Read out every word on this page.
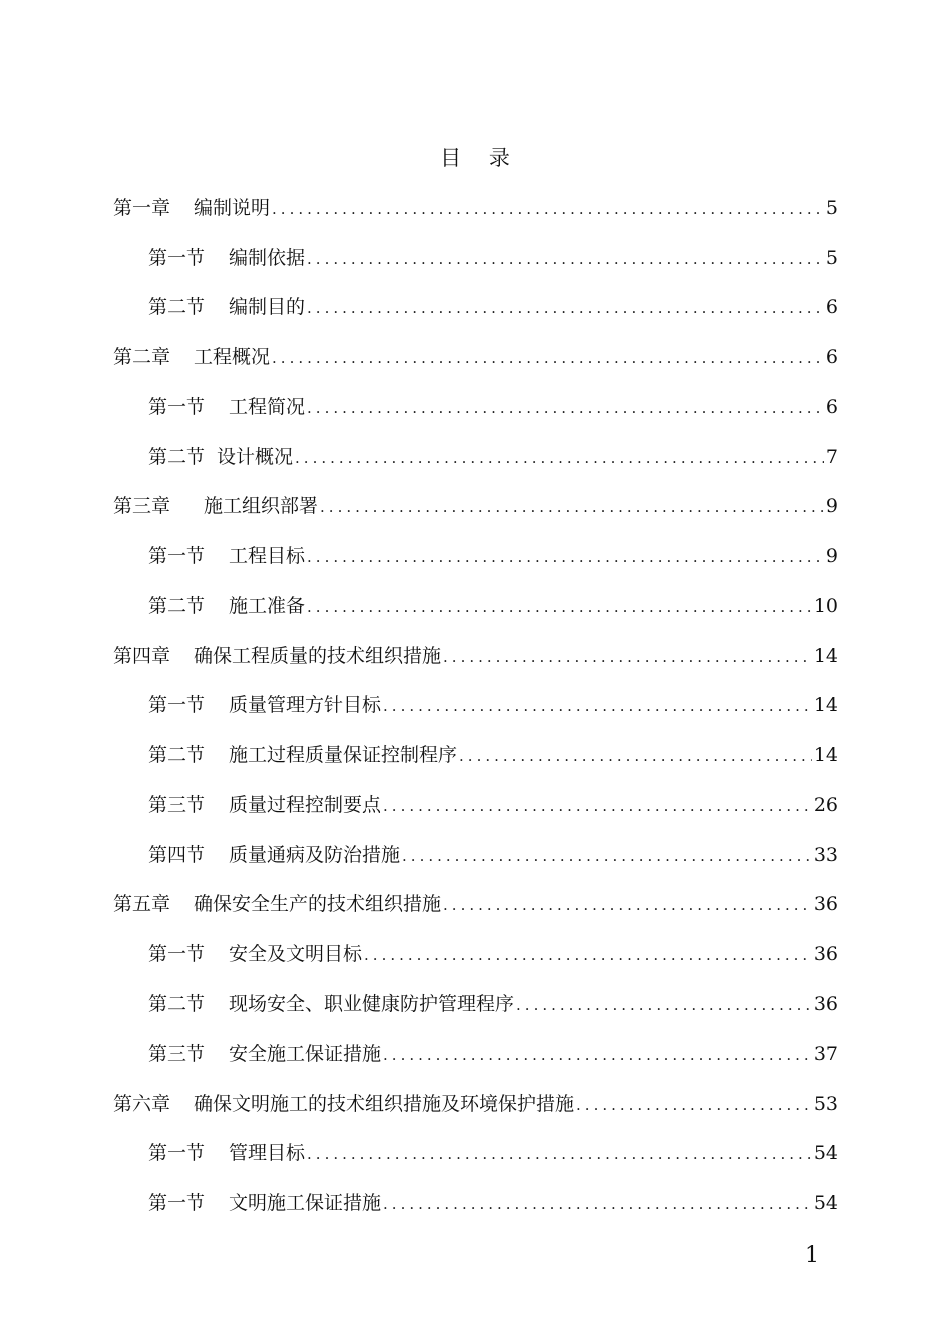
目 录
第一章 编制说明 .....	5
第一节 编制依据 .....	5
第二节 编制目的 .....	6
第二章 工程概况 .....	6
第一节 工程简况 .....	6
第二节 设计概况 .....	7
第三章 施工组织部署 .....	9
第一节 工程目标 .....	9
第二节 施工准备 .....	10
第四章 确保工程质量的技术组织措施 .....	14
第一节 质量管理方针目标 .....	14
第二节 施工过程质量保证控制程序 .....	14
第三节 质量过程控制要点 .....	26
第四节 质量通病及防治措施 .....	33
第五章 确保安全生产的技术组织措施 .....	36
第一节 安全及文明目标 .....	36
第二节 现场安全、职业健康防护管理程序 .....	36
第三节 安全施工保证措施 .....	37
第六章 确保文明施工的技术组织措施及环境保护措施 .....	53
第一节 管理目标 .....	54
第一节 文明施工保证措施 .....	54
1
